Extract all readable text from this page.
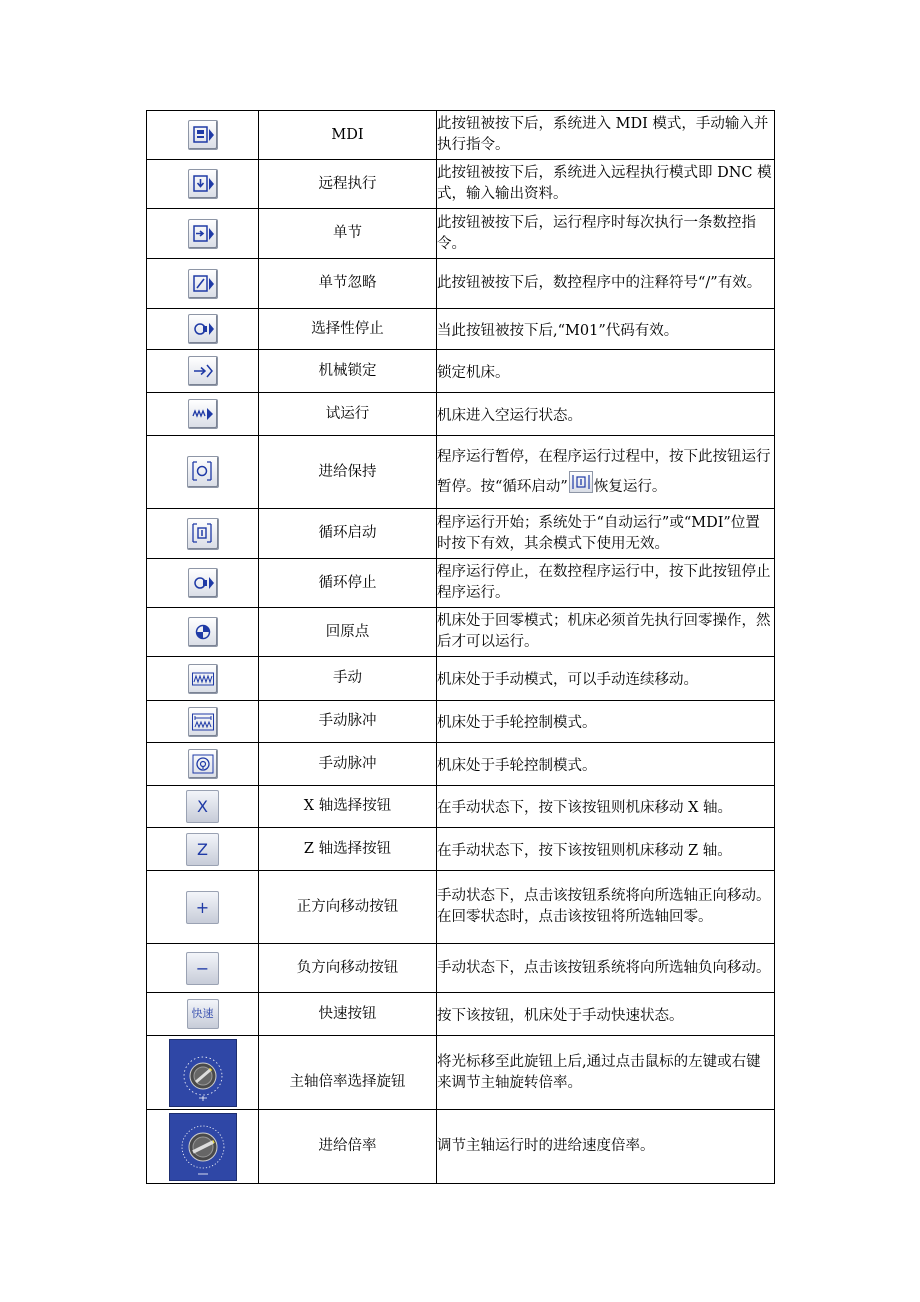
	MDI	此按钮被按下后，系统进入 MDI 模式，手动输入并执行指令。

	远程执行	此按钮被按下后，系统进入远程执行模式即 DNC 模式，输入输出资料。

	单节	此按钮被按下后，运行程序时每次执行一条数控指令。

	单节忽略	此按钮被按下后，数控程序中的注释符号“/”有效。

	选择性停止	当此按钮被按下后,“M01”代码有效。

	机械锁定	锁定机床。

	试运行	机床进入空运行状态。

	进给保持	程序运行暂停，在程序运行过程中，按下此按钮运行暂停。按“循环启动” 恢复运行。

	循环启动	程序运行开始；系统处于“自动运行”或“MDI”位置时按下有效，其余模式下使用无效。

	循环停止	程序运行停止，在数控程序运行中，按下此按钮停止程序运行。

	回原点	机床处于回零模式；机床必须首先执行回零操作，然后才可以运行。

	手动	机床处于手动模式，可以手动连续移动。

	手动脉冲	机床处于手轮控制模式。

	手动脉冲	机床处于手轮控制模式。
X	X 轴选择按钮	在手动状态下，按下该按钮则机床移动 X 轴。
Z	Z 轴选择按钮	在手动状态下，按下该按钮则机床移动 Z 轴。
+	正方向移动按钮	手动状态下，点击该按钮系统将向所选轴正向移动。在回零状态时，点击该按钮将所选轴回零。
−	负方向移动按钮	手动状态下，点击该按钮系统将向所选轴负向移动。
快速	快速按钮	按下该按钮，机床处于手动快速状态。
	主轴倍率选择旋钮	将光标移至此旋钮上后,通过点击鼠标的左键或右键来调节主轴旋转倍率。
	进给倍率	调节主轴运行时的进给速度倍率。
